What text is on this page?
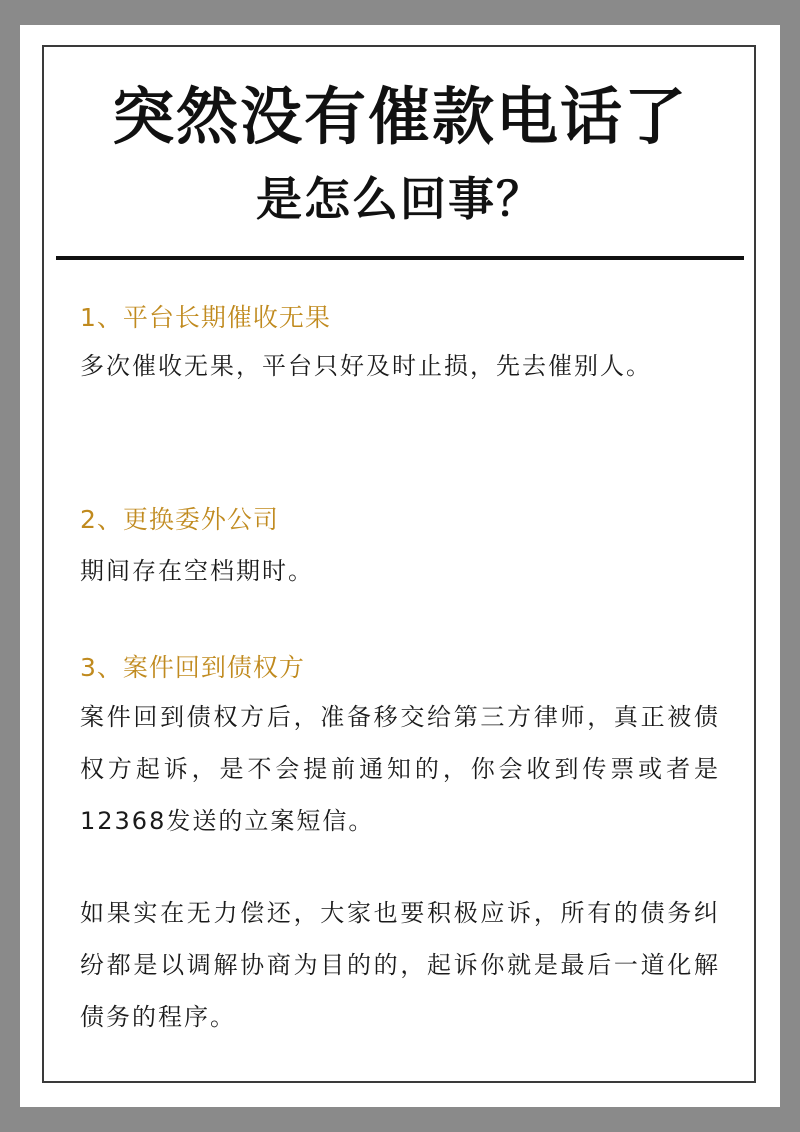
突然没有催款电话了
是怎么回事？
1、平台长期催收无果
多次催收无果，平台只好及时止损，先去催别人。
2、更换委外公司
期间存在空档期时。
3、案件回到债权方
案件回到债权方后，准备移交给第三方律师，真正被债权方起诉，是不会提前通知的，你会收到传票或者是12368发送的立案短信。
如果实在无力偿还，大家也要积极应诉，所有的债务纠纷都是以调解协商为目的的，起诉你就是最后一道化解债务的程序。
